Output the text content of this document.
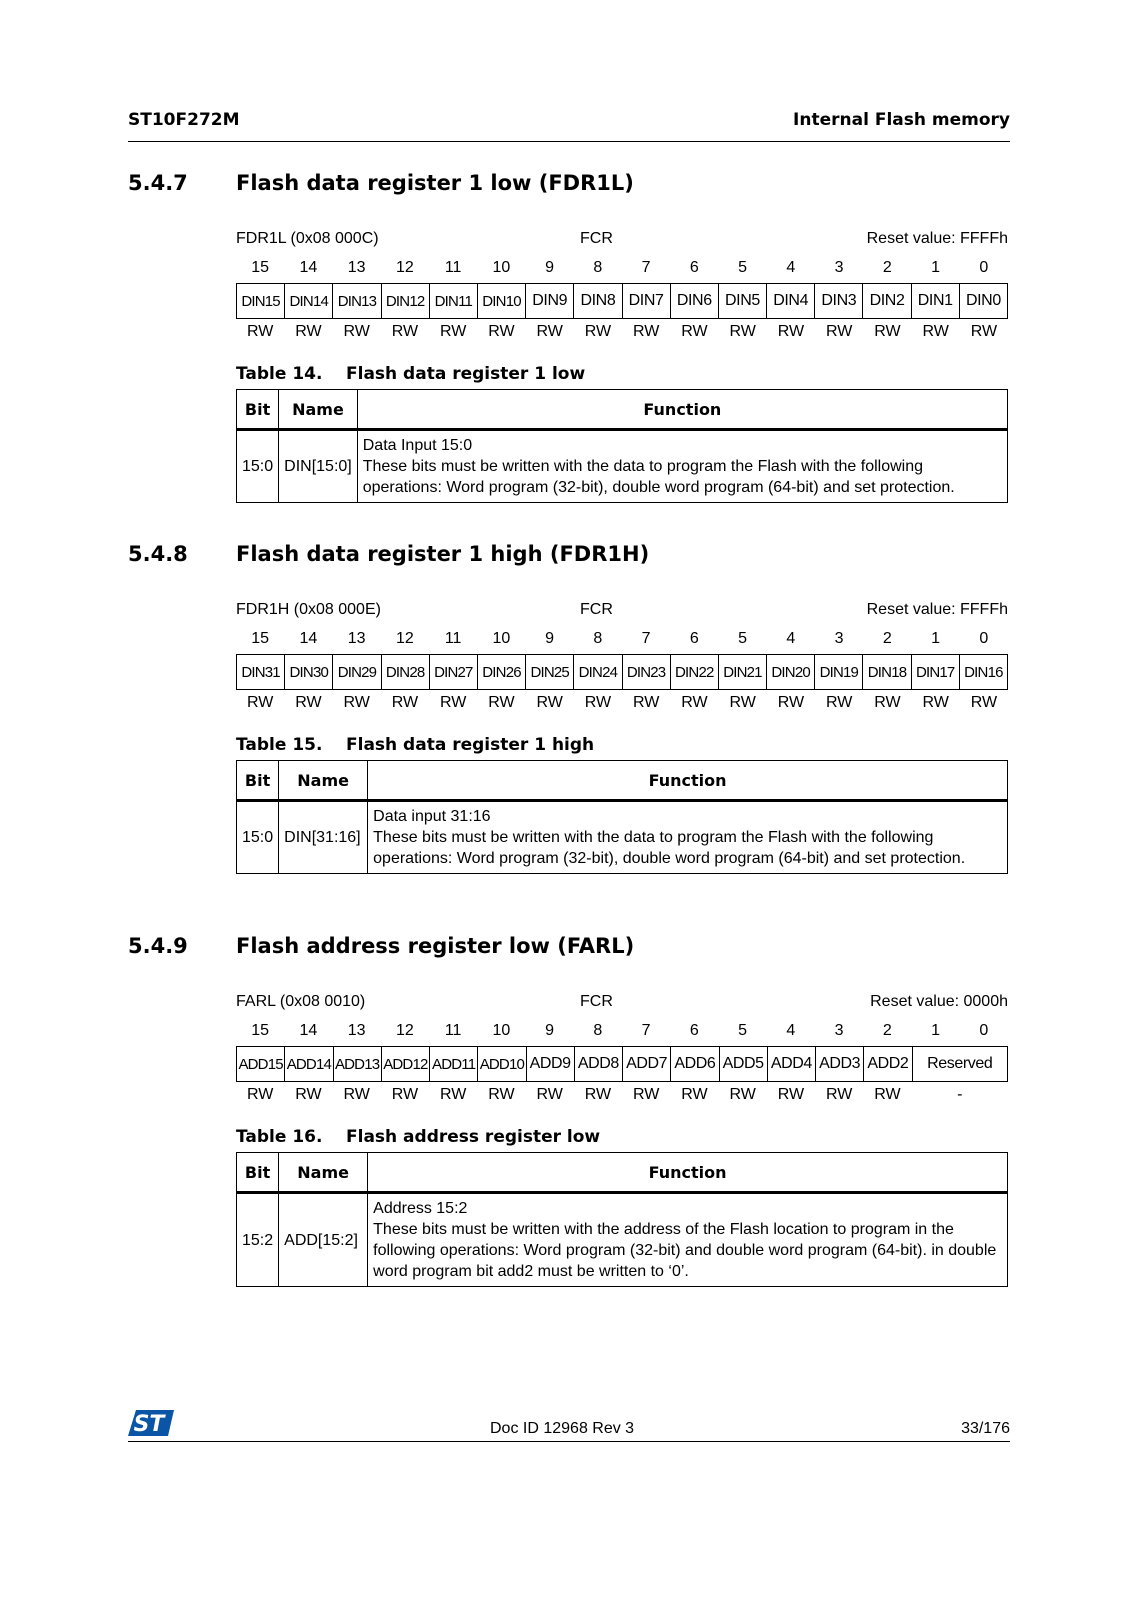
ST10F272M	Internal Flash memory
5.4.7 Flash data register 1 low (FDR1L)
FDR1L (0x08 000C)	FCR	Reset value: FFFFh
15	14	13	12	11	10	9	8	7	6	5	4	3	2	1	0
DIN15 DIN14 DIN13 DIN12 DIN11 DIN10 DIN9 DIN8 DIN7 DIN6 DIN5 DIN4 DIN3 DIN2 DIN1 DIN0
RW	RW	RW	RW	RW	RW	RW	RW	RW	RW	RW	RW	RW	RW	RW	RW
Table 14. Flash data register 1 low
Bit	Name	Function
15:0	DIN[15:0]	Data Input 15:0

These bits must be written with the data to program the Flash with the following operations: Word program (32-bit), double word program (64-bit) and set protection.

5.4.8 Flash data register 1 high (FDR1H)
FDR1H (0x08 000E)	FCR	Reset value: FFFFh
15	14	13	12	11	10	9	8	7	6	5	4	3	2	1	0
DIN31 DIN30 DIN29 DIN28 DIN27 DIN26 DIN25 DIN24 DIN23 DIN22 DIN21 DIN20 DIN19 DIN18 DIN17 DIN16
RW	RW	RW	RW	RW	RW	RW	RW	RW	RW	RW	RW	RW	RW	RW	RW
Table 15. Flash data register 1 high
Bit	Name	Function
15:0	DIN[31:16]	Data input 31:16

These bits must be written with the data to program the Flash with the following operations: Word program (32-bit), double word program (64-bit) and set protection.

5.4.9 Flash address register low (FARL)
FARL (0x08 0010)	FCR	Reset value: 0000h
15	14	13	12	11	10	9	8	7	6	5	4	3	2	1	0
ADD15 ADD14 ADD13 ADD12 ADD11 ADD10 ADD9 ADD8 ADD7 ADD6 ADD5 ADD4 ADD3 ADD2	Reserved
RW	RW	RW	RW	RW	RW	RW	RW	RW	RW	RW	RW	RW	RW	-
Table 16. Flash address register low
Bit	Name	Function
15:2	ADD[15:2]	Address 15:2

These bits must be written with the address of the Flash location to program in the following operations: Word program (32-bit) and double word program (64-bit). in double word program bit add2 must be written to ‘0’.

ST	Doc ID 12968 Rev 3	33/176
